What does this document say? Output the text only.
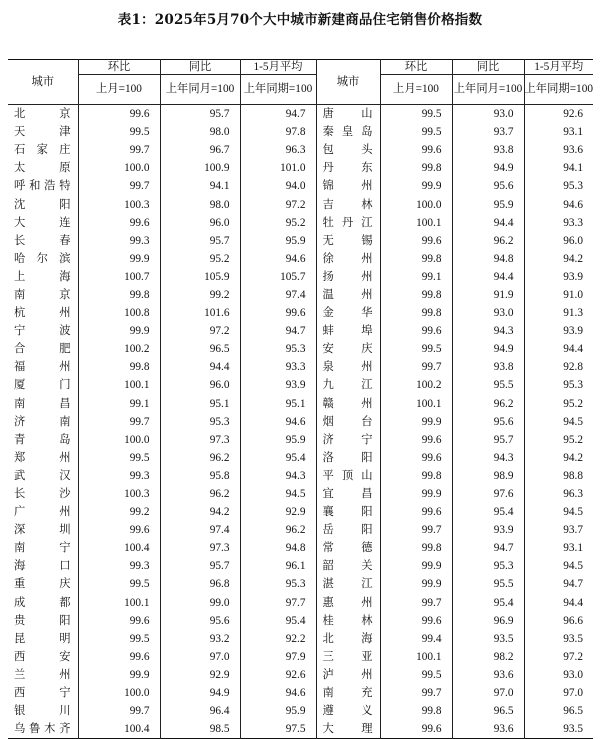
表1：2025年5月70个大中城市新建商品住宅销售价格指数
城市	环比	同比	1-5月平均	城市	环比	同比	1-5月平均
	上月=100	上年同月=100	上年同期=100		上月=100	上年同月=100	上年同期=100
北京	99.6	95.7	94.7	唐山	99.5	93.0	92.6
天津	99.5	98.0	97.8	秦皇岛	99.5	93.7	93.1
石家庄	99.7	96.7	96.3	包头	99.6	93.8	93.6
太原	100.0	100.9	101.0	丹东	99.8	94.9	94.1
呼和浩特	99.7	94.1	94.0	锦州	99.9	95.6	95.3
沈阳	100.3	98.0	97.2	吉林	100.0	95.9	94.6
大连	99.6	96.0	95.2	牡丹江	100.1	94.4	93.3
长春	99.3	95.7	95.9	无锡	99.6	96.2	96.0
哈尔滨	99.9	95.2	94.6	徐州	99.8	94.8	94.2
上海	100.7	105.9	105.7	扬州	99.1	94.4	93.9
南京	99.8	99.2	97.4	温州	99.8	91.9	91.0
杭州	100.8	101.6	99.6	金华	99.8	93.0	91.3
宁波	99.9	97.2	94.7	蚌埠	99.6	94.3	93.9
合肥	100.2	96.5	95.3	安庆	99.5	94.9	94.4
福州	99.8	94.4	93.3	泉州	99.7	93.8	92.8
厦门	100.1	96.0	93.9	九江	100.2	95.5	95.3
南昌	99.1	95.1	95.1	赣州	100.1	96.2	95.2
济南	99.7	95.3	94.6	烟台	99.9	95.6	94.5
青岛	100.0	97.3	95.9	济宁	99.6	95.7	95.2
郑州	99.5	96.2	95.4	洛阳	99.6	94.3	94.2
武汉	99.3	95.8	94.3	平顶山	99.8	98.9	98.8
长沙	100.3	96.2	94.5	宜昌	99.9	97.6	96.3
广州	99.2	94.2	92.9	襄阳	99.6	95.4	94.5
深圳	99.6	97.4	96.2	岳阳	99.7	93.9	93.7
南宁	100.4	97.3	94.8	常德	99.8	94.7	93.1
海口	99.3	95.7	96.1	韶关	99.9	95.3	94.5
重庆	99.5	96.8	95.3	湛江	99.9	95.5	94.7
成都	100.1	99.0	97.7	惠州	99.7	95.4	94.4
贵阳	99.6	95.6	95.4	桂林	99.6	96.9	96.6
昆明	99.5	93.2	92.2	北海	99.4	93.5	93.5
西安	99.6	97.0	97.9	三亚	100.1	98.2	97.2
兰州	99.9	92.9	92.6	泸州	99.5	93.6	93.0
西宁	100.0	94.9	94.6	南充	99.7	97.0	97.0
银川	99.7	96.4	95.9	遵义	99.8	96.5	96.5
乌鲁木齐	100.4	98.5	97.5	大理	99.6	93.6	93.5
